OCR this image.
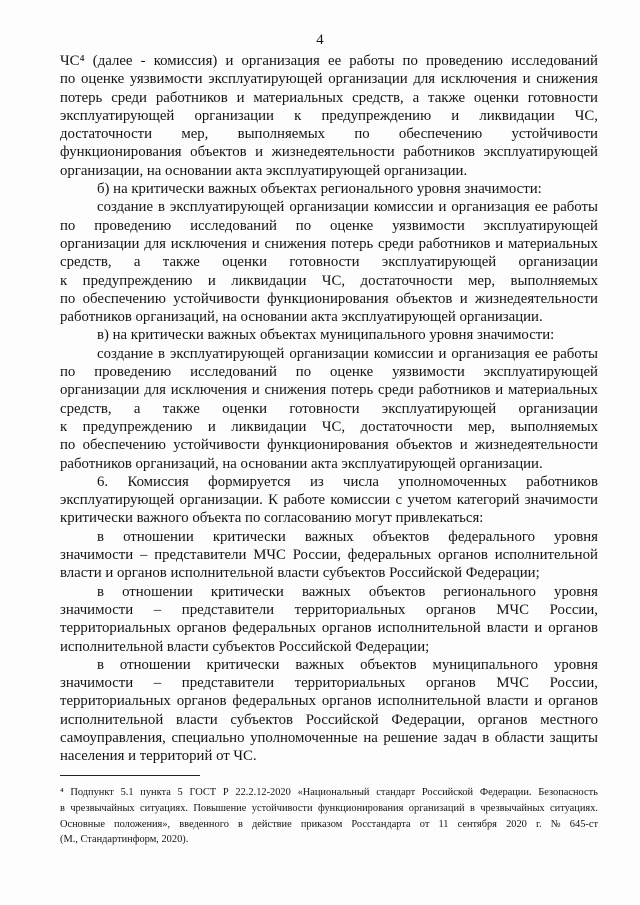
4
ЧС⁴ (далее - комиссия) и организация ее работы по проведению исследований
по оценке уязвимости эксплуатирующей организации для исключения и снижения
потерь среди работников и материальных средств, а также оценки готовности
эксплуатирующей организации к предупреждению и ликвидации ЧС,
достаточности мер, выполняемых по обеспечению устойчивости
функционирования объектов и жизнедеятельности работников эксплуатирующей
организации, на основании акта эксплуатирующей организации.
б) на критически важных объектах регионального уровня значимости:
создание в эксплуатирующей организации комиссии и организация ее работы
по проведению исследований по оценке уязвимости эксплуатирующей
организации для исключения и снижения потерь среди работников и материальных
средств, а также оценки готовности эксплуатирующей организации
к предупреждению и ликвидации ЧС, достаточности мер, выполняемых
по обеспечению устойчивости функционирования объектов и жизнедеятельности
работников организаций, на основании акта эксплуатирующей организации.
в) на критически важных объектах муниципального уровня значимости:
создание в эксплуатирующей организации комиссии и организация ее работы
по проведению исследований по оценке уязвимости эксплуатирующей
организации для исключения и снижения потерь среди работников и материальных
средств, а также оценки готовности эксплуатирующей организации
к предупреждению и ликвидации ЧС, достаточности мер, выполняемых
по обеспечению устойчивости функционирования объектов и жизнедеятельности
работников организаций, на основании акта эксплуатирующей организации.
6. Комиссия формируется из числа уполномоченных работников
эксплуатирующей организации. К работе комиссии с учетом категорий значимости
критически важного объекта по согласованию могут привлекаться:
в отношении критически важных объектов федерального уровня
значимости – представители МЧС России, федеральных органов исполнительной
власти и органов исполнительной власти субъектов Российской Федерации;
в отношении критически важных объектов регионального уровня
значимости – представители территориальных органов МЧС России,
территориальных органов федеральных органов исполнительной власти и органов
исполнительной власти субъектов Российской Федерации;
в отношении критически важных объектов муниципального уровня
значимости – представители территориальных органов МЧС России,
территориальных органов федеральных органов исполнительной власти и органов
исполнительной власти субъектов Российской Федерации, органов местного
самоуправления, специально уполномоченные на решение задач в области защиты
населения и территорий от ЧС.
⁴ Подпункт 5.1 пункта 5 ГОСТ Р 22.2.12-2020 «Национальный стандарт Российской Федерации. Безопасность
в чрезвычайных ситуациях. Повышение устойчивости функционирования организаций в чрезвычайных ситуациях.
Основные положения», введенного в действие приказом Росстандарта от 11 сентября 2020 г. № 645-ст
(М., Стандартинформ, 2020).
